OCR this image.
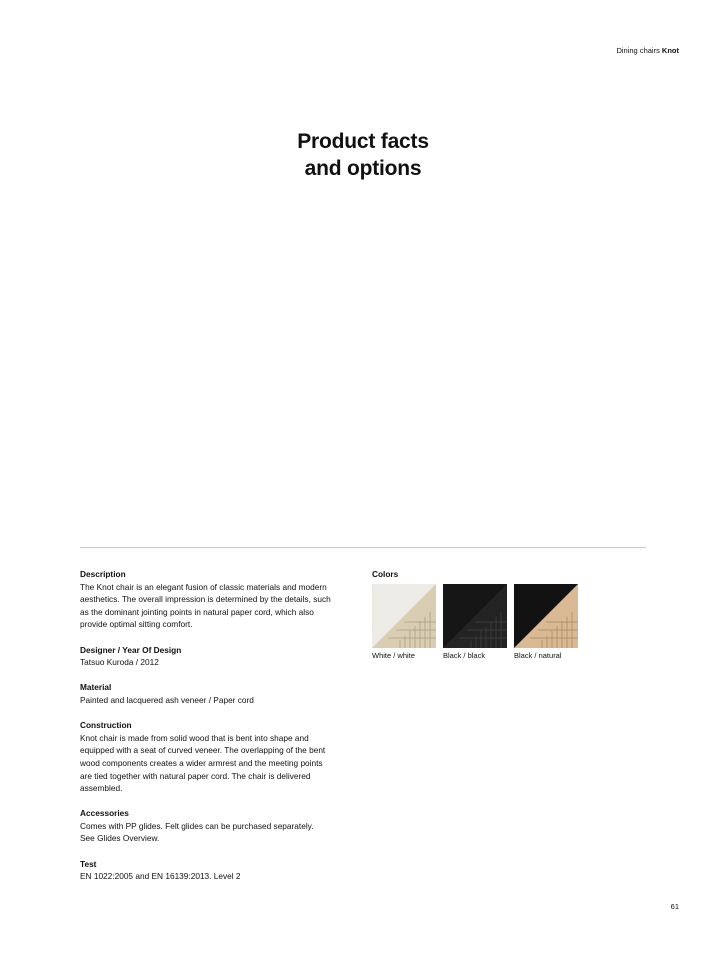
Dining chairs Knot
Product facts
and options
Description
The Knot chair is an elegant fusion of classic materials and modern
aesthetics. The overall impression is determined by the details, such
as the dominant jointing points in natural paper cord, which also
provide optimal sitting comfort.
Designer / Year Of Design
Tatsuo Kuroda / 2012
Material
Painted and lacquered ash veneer / Paper cord
Construction
Knot chair is made from solid wood that is bent into shape and
equipped with a seat of curved veneer. The overlapping of the bent
wood components creates a wider armrest and the meeting points
are tied together with natural paper cord. The chair is delivered
assembled.
Accessories
Comes with PP glides. Felt glides can be purchased separately.
See Glides Overview.
Test
EN 1022:2005 and EN 16139:2013. Level 2
Colors
White / white	Black / black	Black / natural
61
